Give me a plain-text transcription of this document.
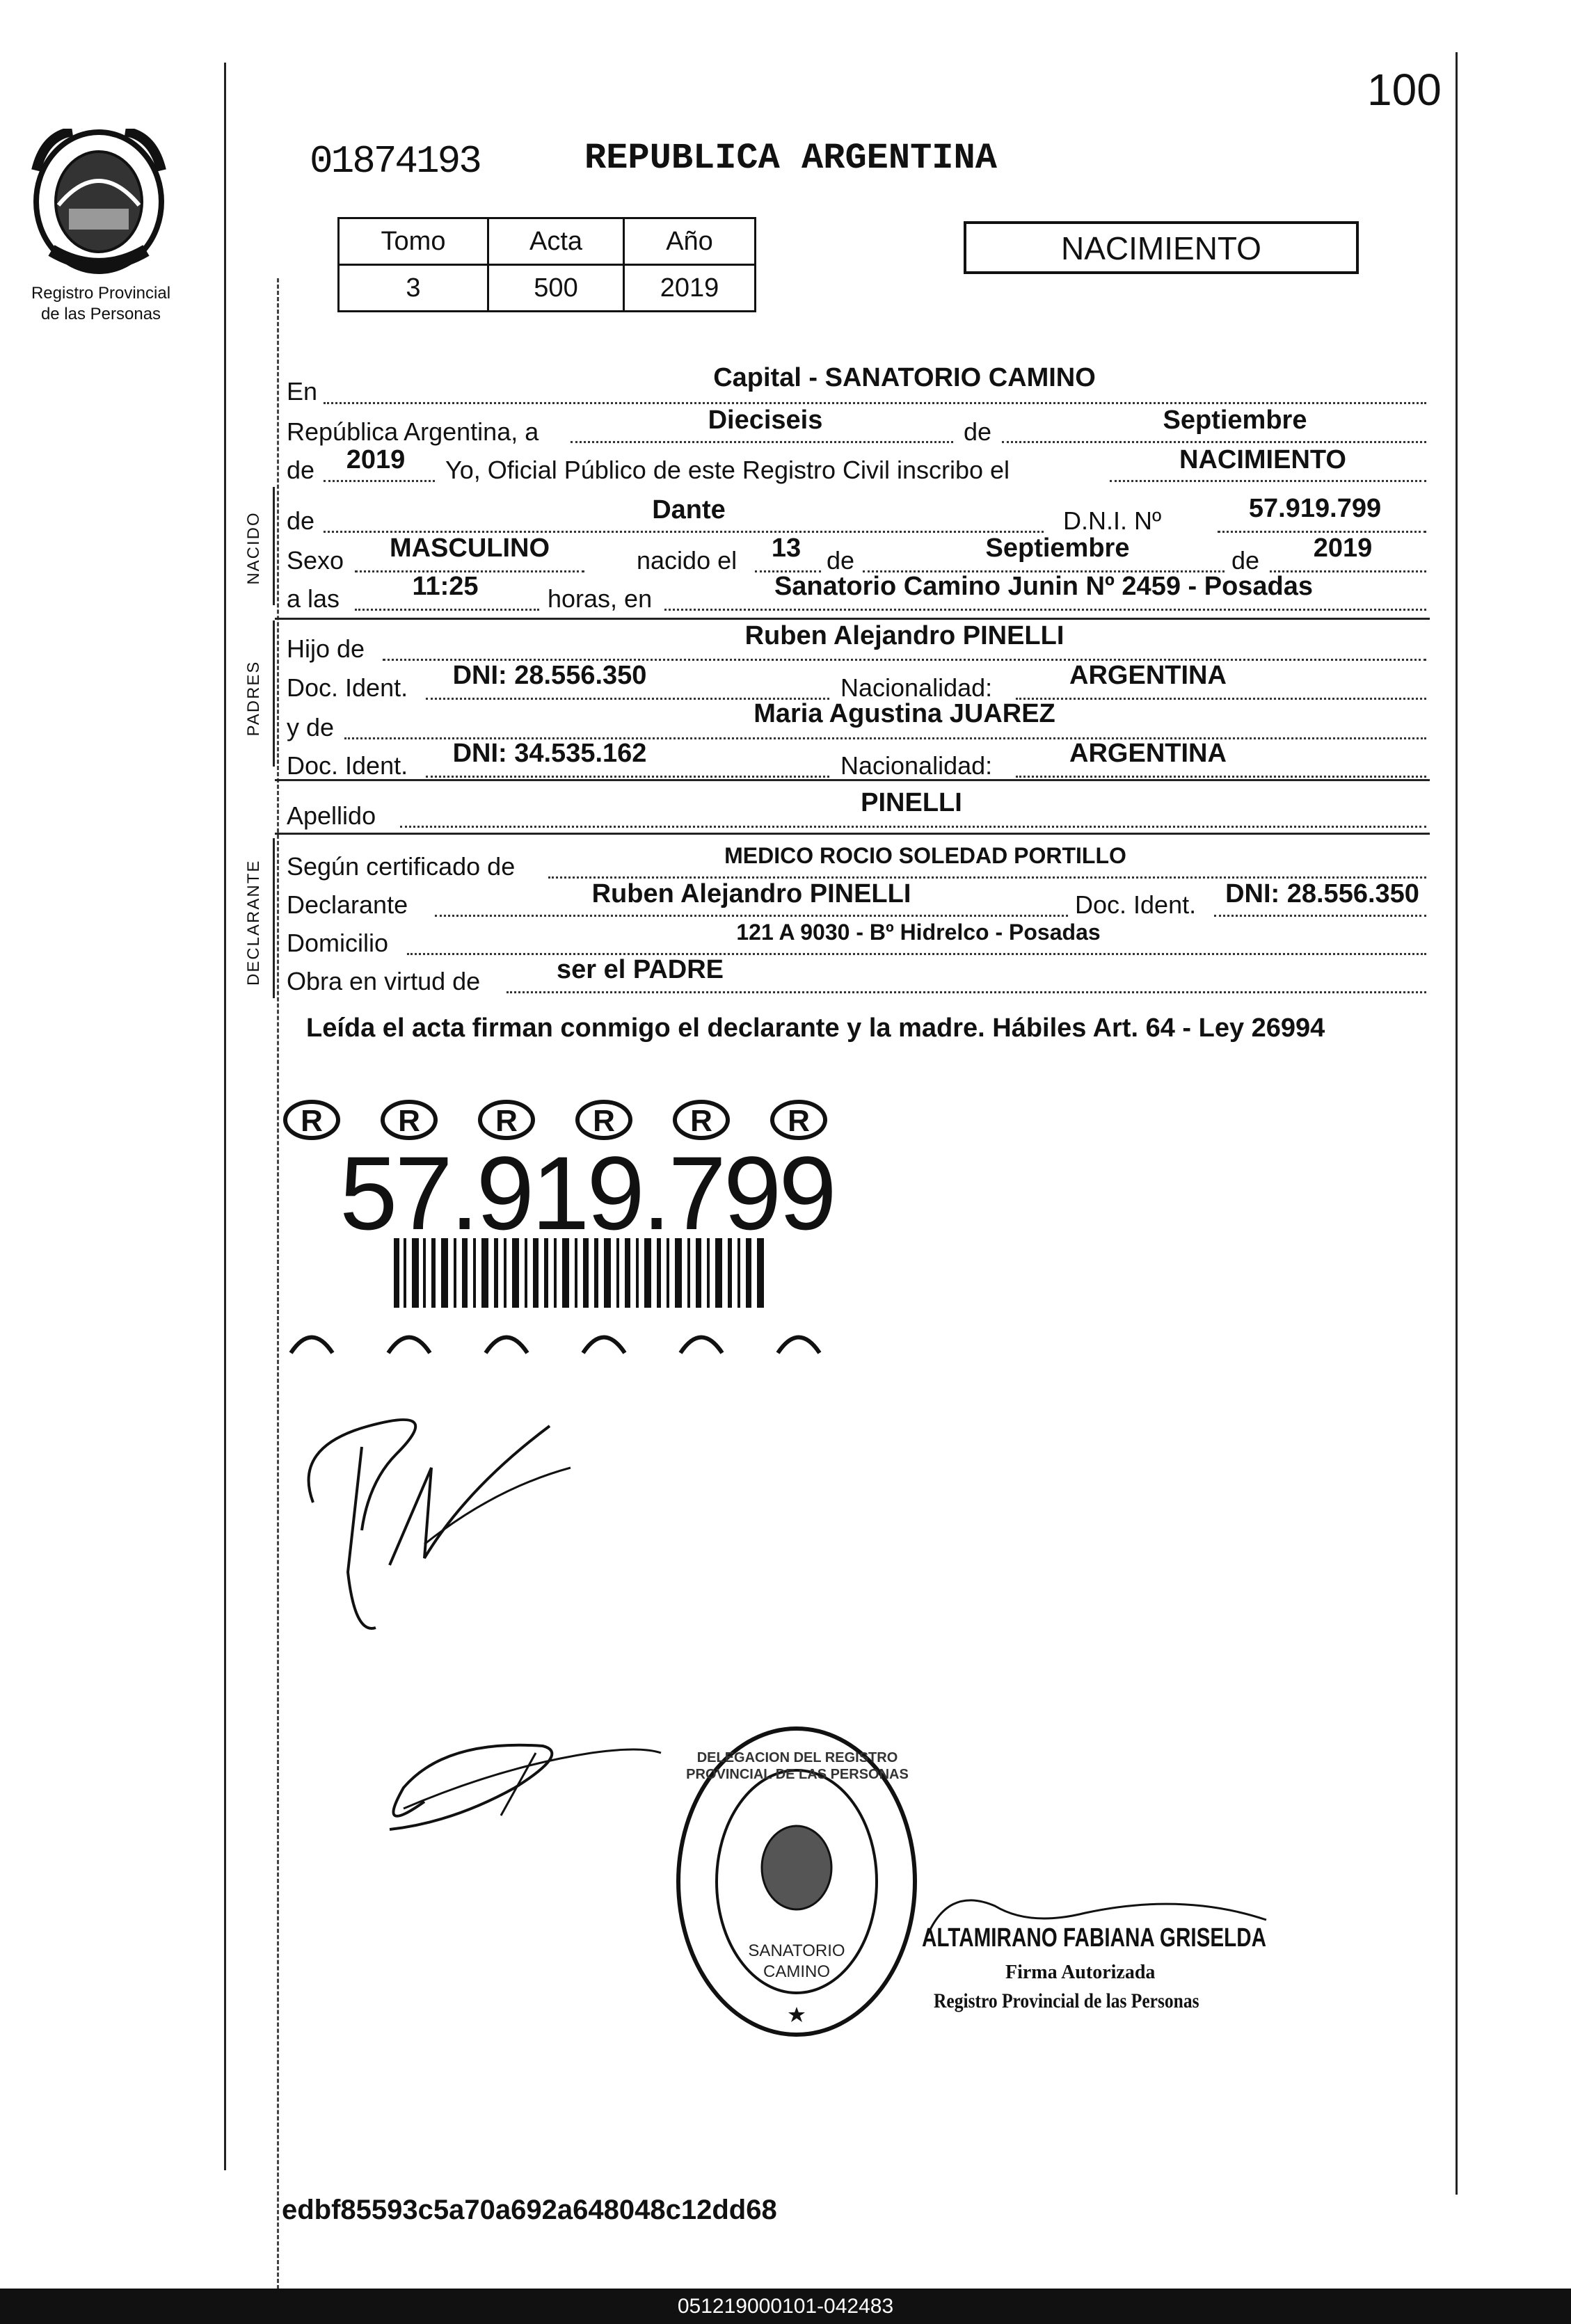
100
Registro Provincial
de las Personas
01874193	REPUBLICA ARGENTINA
Tomo	Acta	Año
3	500	2019
NACIMIENTO
En	Capital - SANATORIO CAMINO
República Argentina, a	Dieciseis	de	Septiembre
de	2019	Yo, Oficial Público de este Registro Civil inscribo el	NACIMIENTO
NACIDO de	Dante	D.N.I. Nº	57.919.799
Sexo	MASCULINO	nacido el	13	de	Septiembre	de	2019
a las	11:25	horas, en	Sanatorio Camino Junin Nº 2459 - Posadas
PADRES
Hijo de	Ruben Alejandro PINELLI
Doc. Ident.	DNI: 28.556.350	Nacionalidad:	ARGENTINA
y de	Maria Agustina JUAREZ
Doc. Ident.	DNI: 34.535.162	Nacionalidad:	ARGENTINA
Apellido	PINELLI
DECLARANTE Según certificado de	MEDICO ROCIO SOLEDAD PORTILLO
Declarante	Ruben Alejandro PINELLI	Doc. Ident.	DNI: 28.556.350
Domicilio	121 A 9030 - Bº Hidrelco - Posadas
Obra en virtud de	ser el PADRE
Leída el acta firman conmigo el declarante y la madre. Hábiles Art. 64 - Ley 26994
R R R R R R
57.919.799
DELEGACION DEL REGISTRO PROVINCIAL DE LAS PERSONAS
SANATORIO CAMINO
ALTAMIRANO FABIANA GRISELDA
Firma Autorizada
Registro Provincial de las Personas
edbf85593c5a70a692a648048c12dd68
051219000101-042483
